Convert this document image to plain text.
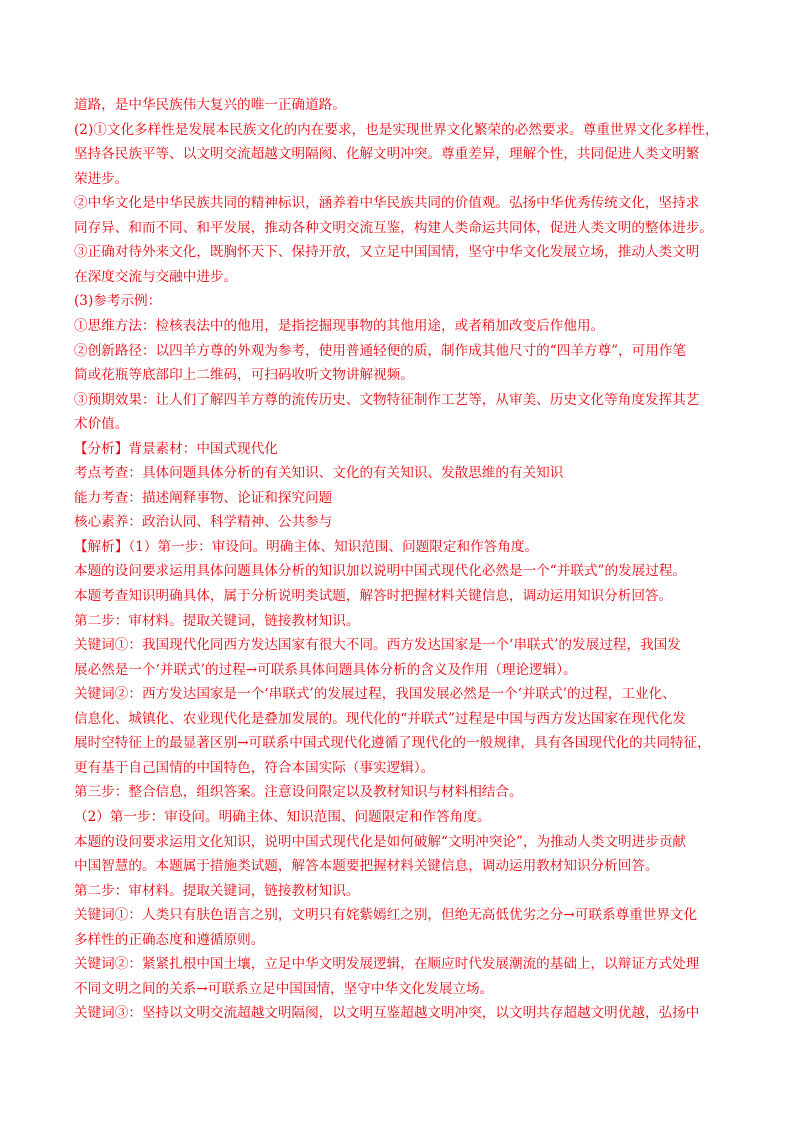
道路，是中华民族伟大复兴的唯一正确道路。
(2)①文化多样性是发展本民族文化的内在要求，也是实现世界文化繁荣的必然要求。尊重世界文化多样性，
坚持各民族平等、以文明交流超越文明隔阂、化解文明冲突。尊重差异，理解个性，共同促进人类文明繁
荣进步。
②中华文化是中华民族共同的精神标识，涵养着中华民族共同的价值观。弘扬中华优秀传统文化，坚持求
同存异、和而不同、和平发展，推动各种文明交流互鉴，构建人类命运共同体，促进人类文明的整体进步。
③正确对待外来文化，既胸怀天下、保持开放，又立足中国国情，坚守中华文化发展立场，推动人类文明
在深度交流与交融中进步。
(3)参考示例：
①思维方法：检核表法中的他用，是指挖掘现事物的其他用途，或者稍加改变后作他用。
②创新路径：以四羊方尊的外观为参考，使用普通轻便的质，制作成其他尺寸的“四羊方尊”，可用作笔
筒或花瓶等底部印上二维码，可扫码收听文物讲解视频。
③预期效果：让人们了解四羊方尊的流传历史、文物特征制作工艺等，从审美、历史文化等角度发挥其艺
术价值。
【分析】背景素材：中国式现代化
考点考查：具体问题具体分析的有关知识、文化的有关知识、发散思维的有关知识
能力考查：描述阐释事物、论证和探究问题
核心素养：政治认同、科学精神、公共参与
【解析】（1）第一步：审设问。明确主体、知识范围、问题限定和作答角度。
本题的设问要求运用具体问题具体分析的知识加以说明中国式现代化必然是一个“并联式”的发展过程。
本题考查知识明确具体，属于分析说明类试题，解答时把握材料关键信息，调动运用知识分析回答。
第二步：审材料。提取关键词，链接教材知识。
关键词①：我国现代化同西方发达国家有很大不同。西方发达国家是一个‘串联式’的发展过程，我国发
展必然是一个‘并联式’的过程→可联系具体问题具体分析的含义及作用（理论逻辑）。
关键词②：西方发达国家是一个‘串联式’的发展过程，我国发展必然是一个‘并联式’的过程，工业化、
信息化、城镇化、农业现代化是叠加发展的。现代化的“并联式”过程是中国与西方发达国家在现代化发
展时空特征上的最显著区别→可联系中国式现代化遵循了现代化的一般规律，具有各国现代化的共同特征，
更有基于自己国情的中国特色，符合本国实际（事实逻辑）。
第三步：整合信息，组织答案。注意设问限定以及教材知识与材料相结合。
（2）第一步：审设问。明确主体、知识范围、问题限定和作答角度。
本题的设问要求运用文化知识，说明中国式现代化是如何破解“文明冲突论”，为推动人类文明进步贡献
中国智慧的。本题属于措施类试题，解答本题要把握材料关键信息，调动运用教材知识分析回答。
第二步：审材料。提取关键词，链接教材知识。
关键词①：人类只有肤色语言之别，文明只有姹紫嫣红之别，但绝无高低优劣之分→可联系尊重世界文化
多样性的正确态度和遵循原则。
关键词②：紧紧扎根中国土壤，立足中华文明发展逻辑，在顺应时代发展潮流的基础上，以辩证方式处理
不同文明之间的关系→可联系立足中国国情，坚守中华文化发展立场。
关键词③：坚持以文明交流超越文明隔阂，以文明互鉴超越文明冲突，以文明共存超越文明优越，弘扬中
